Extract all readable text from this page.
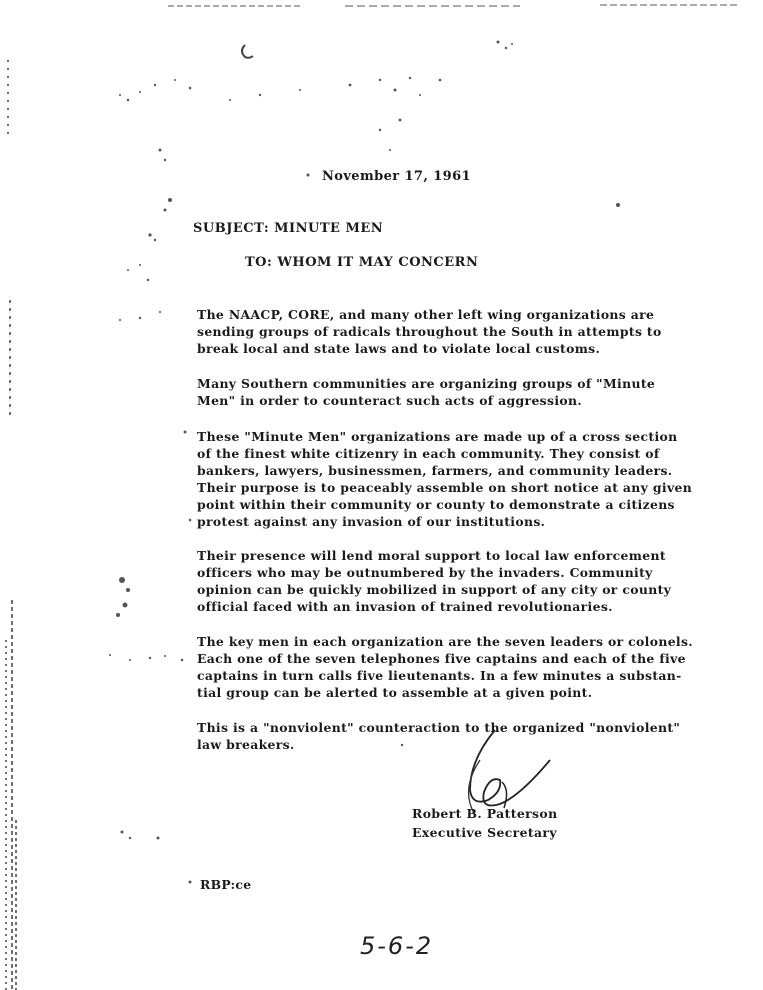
November 17, 1961
SUBJECT: MINUTE MEN
TO: WHOM IT MAY CONCERN
The NAACP, CORE, and many other left wing organizations are
sending groups of radicals throughout the South in attempts to
break local and state laws and to violate local customs.
Many Southern communities are organizing groups of "Minute
Men" in order to counteract such acts of aggression.
These "Minute Men" organizations are made up of a cross section
of the finest white citizenry in each community. They consist of
bankers, lawyers, businessmen, farmers, and community leaders.
Their purpose is to peaceably assemble on short notice at any given
point within their community or county to demonstrate a citizens
protest against any invasion of our institutions.
Their presence will lend moral support to local law enforcement
officers who may be outnumbered by the invaders. Community
opinion can be quickly mobilized in support of any city or county
official faced with an invasion of trained revolutionaries.
The key men in each organization are the seven leaders or colonels.
Each one of the seven telephones five captains and each of the five
captains in turn calls five lieutenants. In a few minutes a substan-
tial group can be alerted to assemble at a given point.
This is a "nonviolent" counteraction to the organized "nonviolent"
law breakers.
Robert B. Patterson
Executive Secretary
RBP:ce
5-6-2
